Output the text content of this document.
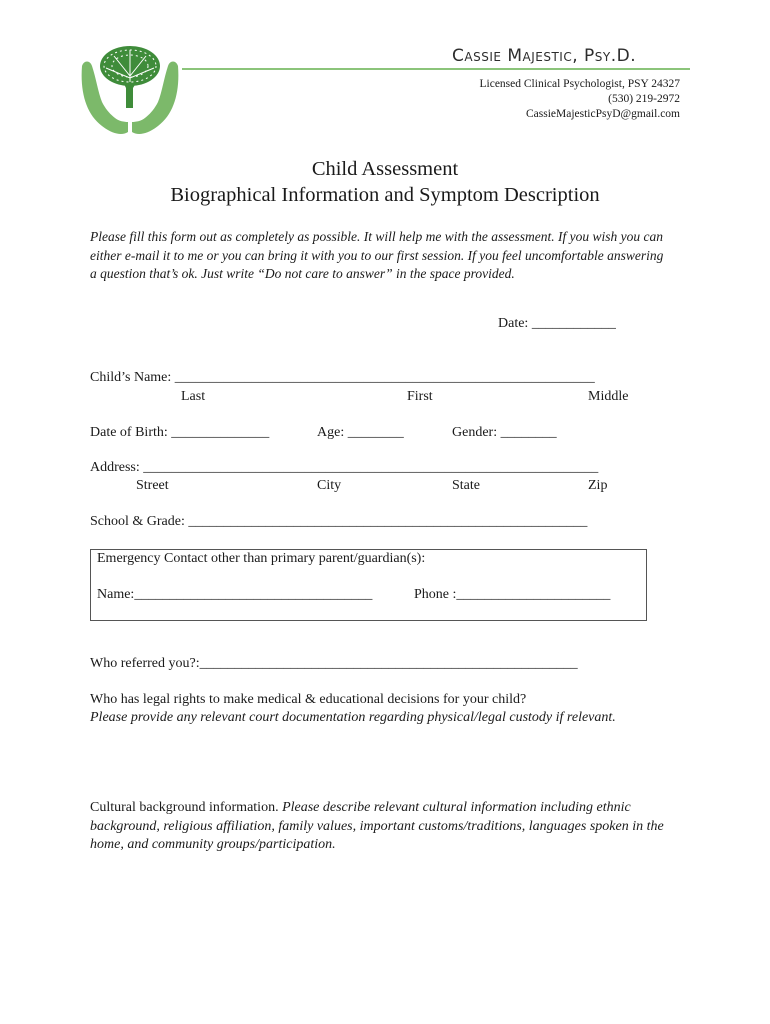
Cassie Majestic, Psy.D.
Licensed Clinical Psychologist, PSY 24327
(530) 219-2972
CassieMajesticPsyD@gmail.com
Child Assessment
Biographical Information and Symptom Description
Please fill this form out as completely as possible. It will help me with the assessment. If you wish you can either e-mail it to me or you can bring it with you to our first session. If you feel uncomfortable answering a question that’s ok. Just write “Do not care to answer” in the space provided.
Date: ____________
Child’s Name: ____________________________________________________________
Last	First	Middle
Date of Birth: ______________	Age: ________	Gender: ________
Address: _________________________________________________________________
Street	City	State	Zip
School & Grade: _________________________________________________________
Emergency Contact other than primary parent/guardian(s):
Name:__________________________________	Phone :______________________
Who referred you?:______________________________________________________
Who has legal rights to make medical & educational decisions for your child?
Please provide any relevant court documentation regarding physical/legal custody if relevant.
Cultural background information. Please describe relevant cultural information including ethnic background, religious affiliation, family values, important customs/traditions, languages spoken in the home, and community groups/participation.
